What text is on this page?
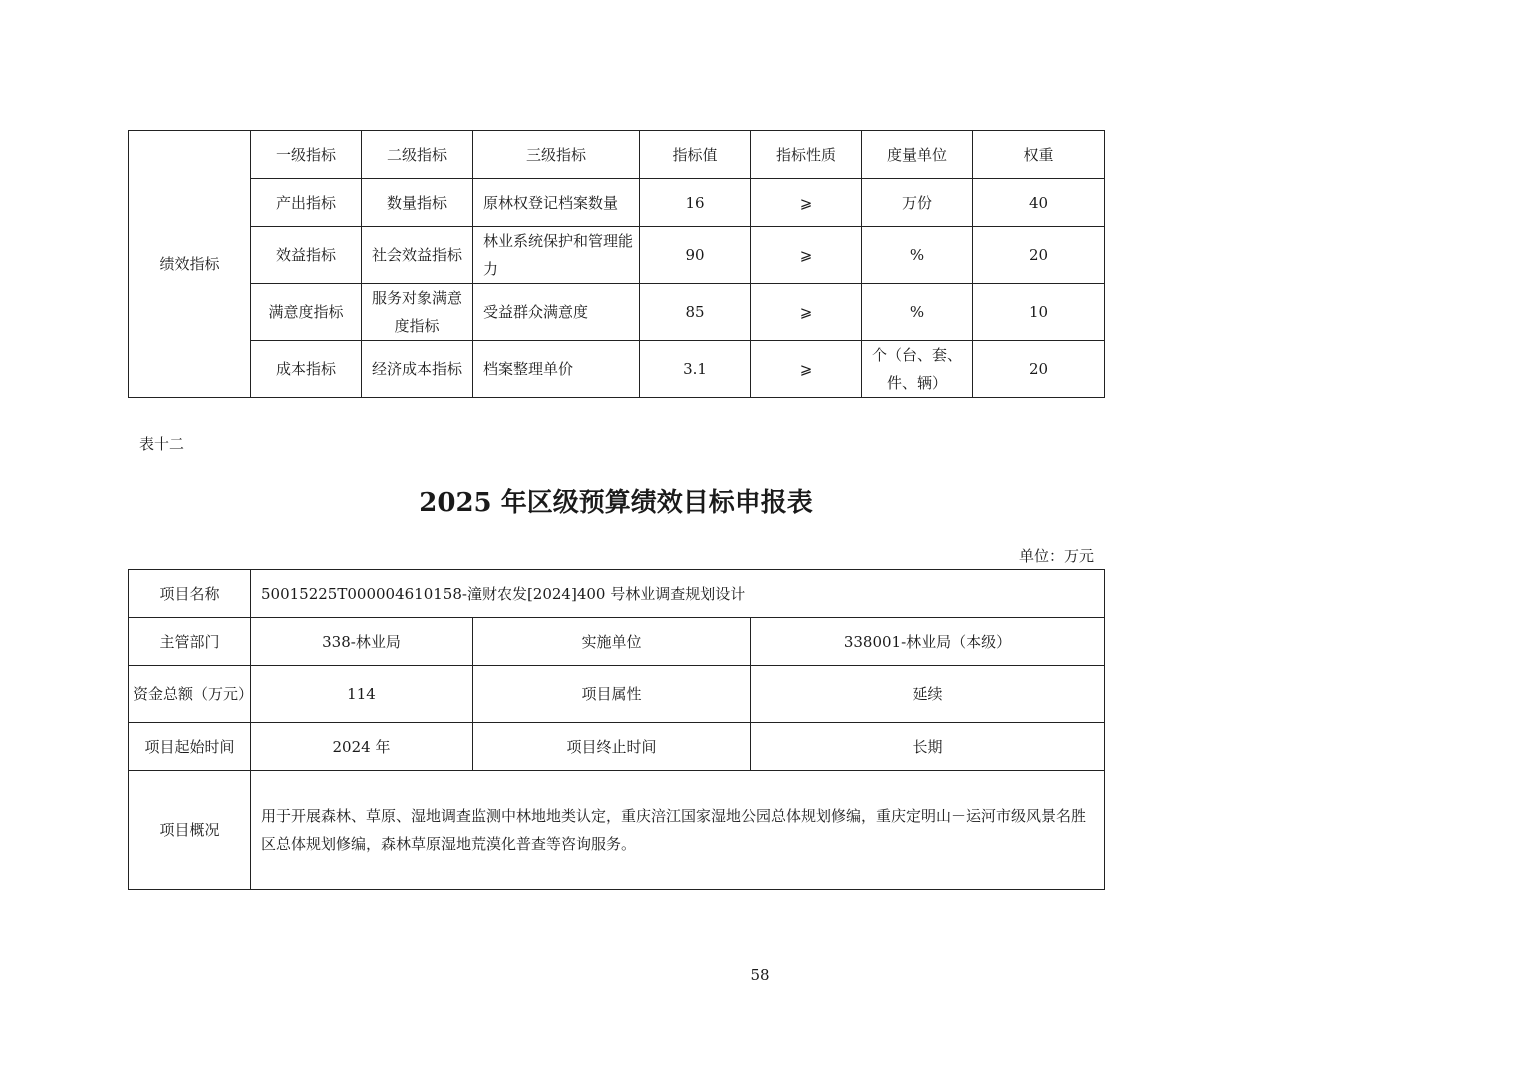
绩效指标	一级指标	二级指标	三级指标	指标值	指标性质	度量单位	权重
	产出指标	数量指标	原林权登记档案数量	16	⩾	万份	40
	效益指标	社会效益指标	林业系统保护和管理能力	90	⩾	%	20
	满意度指标	服务对象满意度指标	受益群众满意度	85	⩾	%	10
	成本指标	经济成本指标	档案整理单价	3.1	⩾	个（台、套、件、辆）	20
表十二
2025 年区级预算绩效目标申报表
单位：万元
项目名称	50015225T000004610158-潼财农发[2024]400 号林业调查规划设计		
主管部门	338-林业局	实施单位	338001-林业局（本级）
资金总额（万元）	114	项目属性	延续
项目起始时间	2024 年	项目终止时间	长期
项目概况	用于开展森林、草原、湿地调查监测中林地地类认定，重庆涪江国家湿地公园总体规划修编，重庆定明山－运河市级风景名胜区总体规划修编，森林草原湿地荒漠化普查等咨询服务。		
58
